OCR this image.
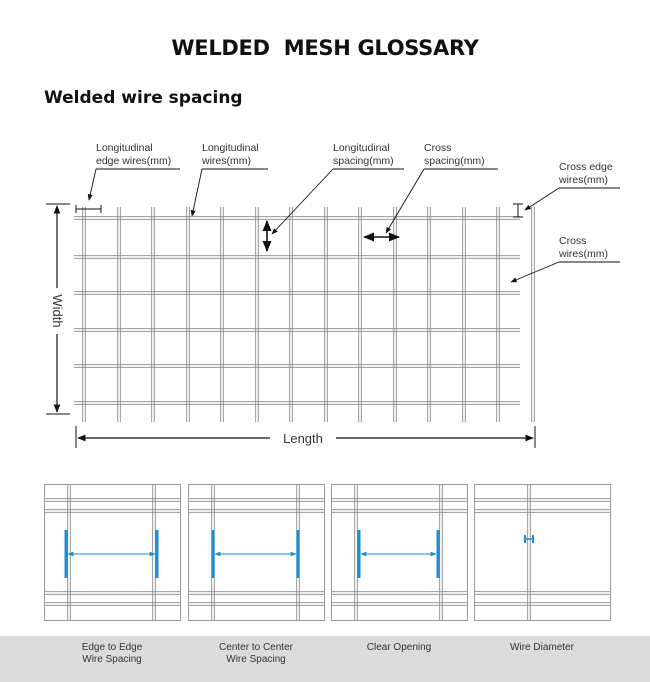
WELDED  MESH GLOSSARY
Welded wire spacing
Width
Length
Longitudinal
edge wires(mm)
Longitudinal
wires(mm)
Longitudinal
spacing(mm)
Cross
spacing(mm)	Cross edge
wires(mm)
Cross
wires(mm)
Edge to Edge
Wire Spacing
Center to Center
Wire Spacing
Clear Opening	Wire Diameter
